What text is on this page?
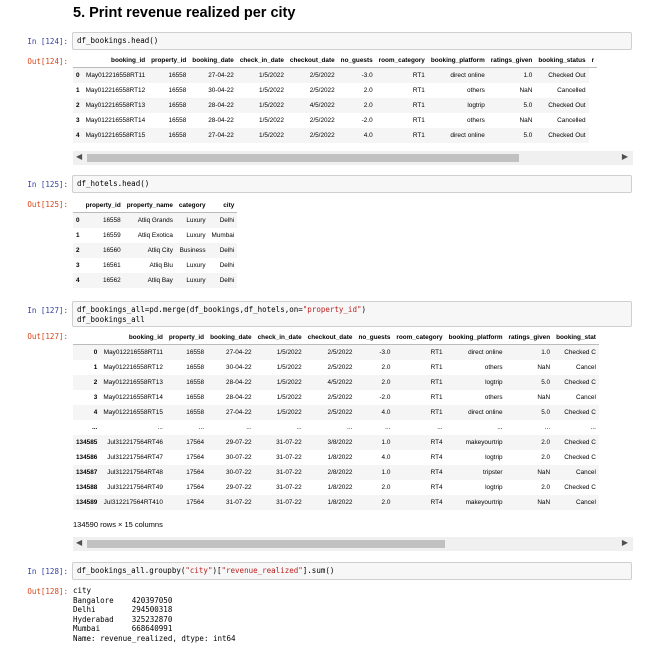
5. Print revenue realized per city
In [124]:	df_bookings.head()
Out[124]:
		booking_id	property_id	booking_date	check_in_date	checkout_date	no_guests	room_category	booking_platform	ratings_given	booking_status	r
0	May012216558RT11	16558	27-04-22	1/5/2022	2/5/2022	-3.0	RT1	direct online	1.0	Checked Out	
1	May012216558RT12	16558	30-04-22	1/5/2022	2/5/2022	2.0	RT1	others	NaN	Cancelled	
2	May012216558RT13	16558	28-04-22	1/5/2022	4/5/2022	2.0	RT1	logtrip	5.0	Checked Out	
3	May012216558RT14	16558	28-04-22	1/5/2022	2/5/2022	-2.0	RT1	others	NaN	Cancelled	
4	May012216558RT15	16558	27-04-22	1/5/2022	2/5/2022	4.0	RT1	direct online	5.0	Checked Out	
◀	▶
In [125]:	df_hotels.head()
Out[125]:
		property_id	property_name	category	city
0	16558	Atliq Grands	Luxury	Delhi
1	16559	Atliq Exotica	Luxury	Mumbai
2	16560	Atliq City	Business	Delhi
3	16561	Atliq Blu	Luxury	Delhi
4	16562	Atliq Bay	Luxury	Delhi
In [127]:	df_bookings_all=pd.merge(df_bookings,df_hotels,on="property_id")
df_bookings_all
Out[127]:
		booking_id	property_id	booking_date	check_in_date	checkout_date	no_guests	room_category	booking_platform	ratings_given	booking_stat
0	May012216558RT11	16558	27-04-22	1/5/2022	2/5/2022	-3.0	RT1	direct online	1.0	Checked C
1	May012216558RT12	16558	30-04-22	1/5/2022	2/5/2022	2.0	RT1	others	NaN	Cancel
2	May012216558RT13	16558	28-04-22	1/5/2022	4/5/2022	2.0	RT1	logtrip	5.0	Checked C
3	May012216558RT14	16558	28-04-22	1/5/2022	2/5/2022	-2.0	RT1	others	NaN	Cancel
4	May012216558RT15	16558	27-04-22	1/5/2022	2/5/2022	4.0	RT1	direct online	5.0	Checked C
...	...	...	...	...	...	...	...	...	...	...
134585	Jul312217564RT46	17564	29-07-22	31-07-22	3/8/2022	1.0	RT4	makeyourtrip	2.0	Checked C
134586	Jul312217564RT47	17564	30-07-22	31-07-22	1/8/2022	4.0	RT4	logtrip	2.0	Checked C
134587	Jul312217564RT48	17564	30-07-22	31-07-22	2/8/2022	1.0	RT4	tripster	NaN	Cancel
134588	Jul312217564RT49	17564	29-07-22	31-07-22	1/8/2022	2.0	RT4	logtrip	2.0	Checked C
134589	Jul312217564RT410	17564	31-07-22	31-07-22	1/8/2022	2.0	RT4	makeyourtrip	NaN	Cancel
134590 rows × 15 columns
◀	▶
In [128]:	df_bookings_all.groupby("city")["revenue_realized"].sum()
Out[128]: city
Bangalore    420397050
Delhi        294500318
Hyderabad    325232870
Mumbai       668640991
Name: revenue_realized, dtype: int64
